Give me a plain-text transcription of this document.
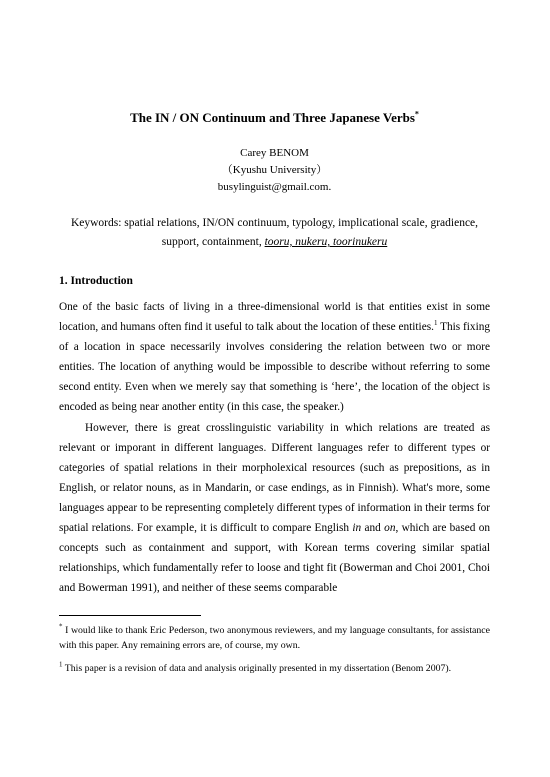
The IN / ON Continuum and Three Japanese Verbs*
Carey BENOM
（Kyushu University）
busylinguist@gmail.com.
Keywords: spatial relations, IN/ON continuum, typology, implicational scale, gradience, support, containment, tooru, nukeru, toorinukeru
1. Introduction

One of the basic facts of living in a three-dimensional world is that entities exist in some location, and humans often find it useful to talk about the location of these entities.$^1$ This fixing of a location in space necessarily involves considering the relation between two or more entities. The location of anything would be impossible to describe without referring to some second entity. Even when we merely say that something is ‘here’, the location of the object is encoded as being near another entity (in this case, the speaker.)

However, there is great crosslinguistic variability in which relations are treated as relevant or imporant in different languages. Different languages refer to different types or categories of spatial relations in their morpholexical resources (such as prepositions, as in English, or relator nouns, as in Mandarin, or case endings, as in Finnish). What's more, some languages appear to be representing completely different types of information in their terms for spatial relations. For example, it is difficult to compare English in and on, which are based on concepts such as containment and support, with Korean terms covering similar spatial relationships, which fundamentally refer to loose and tight fit (Bowerman and Choi 2001, Choi and Bowerman 1991), and neither of these seems comparable

* I would like to thank Eric Pederson, two anonymous reviewers, and my language consultants, for assistance with this paper. Any remaining errors are, of course, my own.

$^1$ This paper is a revision of data and analysis originally presented in my dissertation (Benom 2007).
